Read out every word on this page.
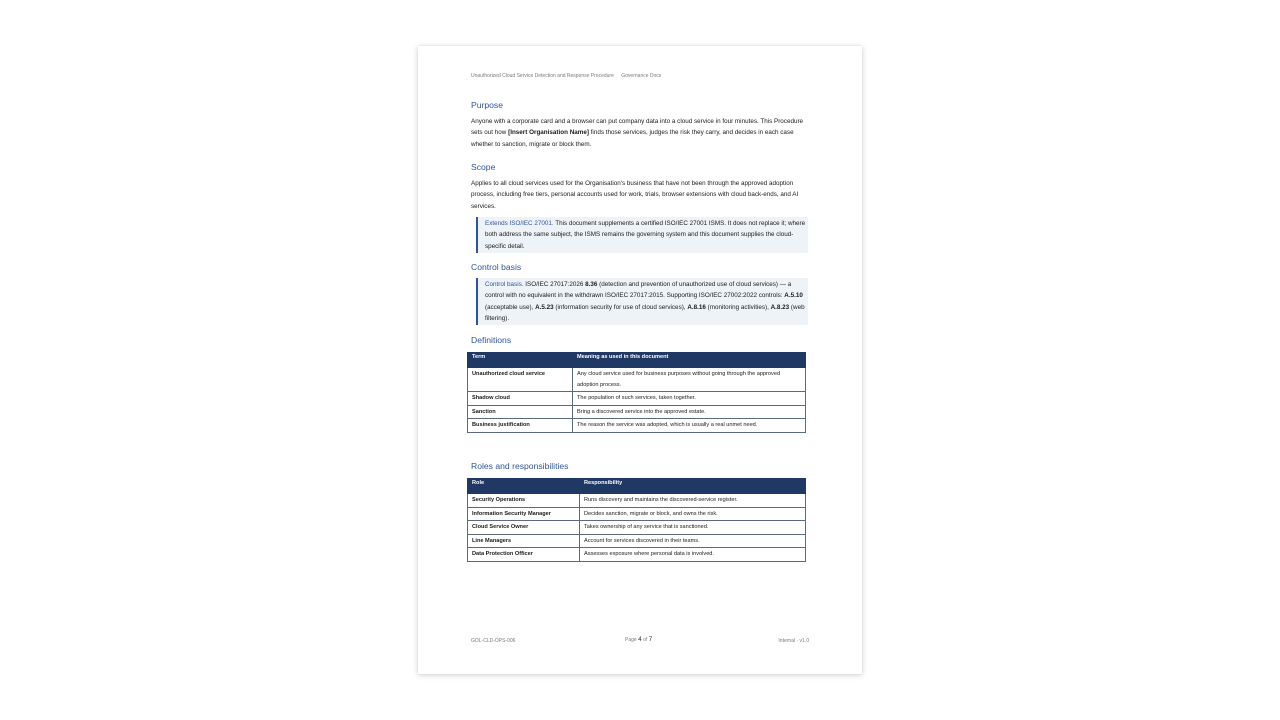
Unauthorized Cloud Service Detection and Response Procedure Governance Docs
Purpose

Anyone with a corporate card and a browser can put company data into a cloud service in four minutes. This Procedure sets out how [Insert Organisation Name] finds those services, judges the risk they carry, and decides in each case whether to sanction, migrate or block them.

Scope

Applies to all cloud services used for the Organisation's business that have not been through the approved adoption process, including free tiers, personal accounts used for work, trials, browser extensions with cloud back-ends, and AI services.

Extends ISO/IEC 27001. This document supplements a certified ISO/IEC 27001 ISMS. It does not replace it; where both address the same subject, the ISMS remains the governing system and this document supplies the cloud-specific detail.
Control basis
Control basis. ISO/IEC 27017:2026 8.36 (detection and prevention of unauthorized use of cloud services) — a control with no equivalent in the withdrawn ISO/IEC 27017:2015. Supporting ISO/IEC 27002:2022 controls: A.5.10 (acceptable use), A.5.23 (information security for use of cloud services), A.8.16 (monitoring activities), A.8.23 (web filtering).
Definitions
Term	Meaning as used in this document
Unauthorized cloud service	Any cloud service used for business purposes without going through the approved adoption process.
Shadow cloud	The population of such services, taken together.
Sanction	Bring a discovered service into the approved estate.
Business justification	The reason the service was adopted, which is usually a real unmet need.
Roles and responsibilities
Role	Responsibility
Security Operations	Runs discovery and maintains the discovered-service register.
Information Security Manager	Decides sanction, migrate or block, and owns the risk.
Cloud Service Owner	Takes ownership of any service that is sanctioned.
Line Managers	Account for services discovered in their teams.
Data Protection Officer	Assesses exposure where personal data is involved.
GOL-CLD-OPS-006	Page 4 of 7	Internal · v1.0
